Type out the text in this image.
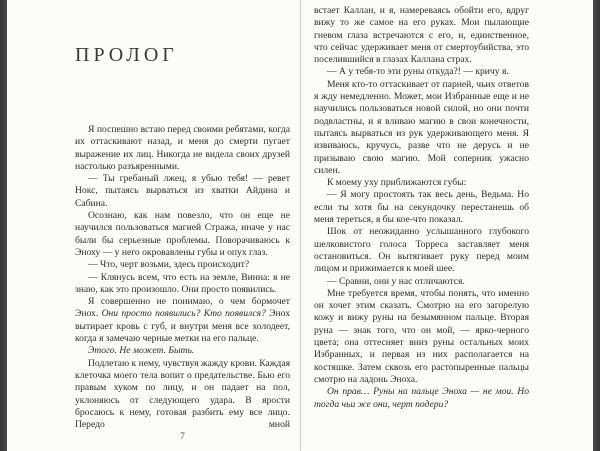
ПРОЛОГ

Я поспешно встаю перед своими ребятами, когда их оттаскивают назад, и меня до смерти пугает выражение их лиц. Никогда не видела своих друзей настолько разъяренными.

— Ты гребаный лжец, я убью тебя! — ревет Нокс, пытаясь вырваться из хватки Айдина и Сабина.

Осознаю, как нам повезло, что он еще не научился пользоваться магией Стража, иначе у нас были бы серьезные проблемы. Поворачиваюсь к Эноху — у него окровавлены губы и опух глаз.

— Что, черт возьми, здесь происходит?

— Клянусь всем, что есть на земле, Винна: я не знаю, как это произошло. Они просто появились.

Я совершенно не понимаю, о чем бормочет Энох. Они просто появились? Кто появился? Энох вытирает кровь с губ, и внутри меня все холодеет, когда я замечаю черные метки на его пальце.

Этого. Не может. Быть.

Подлетаю к нему, чувствуя жажду крови. Каждая клеточка моего тела вопит о предательстве. Бью его правым хуком по лицу, и он падает на пол, уклоняюсь от следующего удара. В ярости бросаюсь к нему, готовая разбить ему все лицо. Передо мной

7

встает Каллан, и я, намереваясь обойти его, вдруг вижу то же самое на его руках. Мои пылающие гневом глаза встречаются с его, и, единственное, что сейчас удерживает меня от смертоубийства, это поселившийся в глазах Каллана страх.

— А у тебя-то эти руны откуда?! — кричу я.

Меня кто-то оттаскивает от парней, чьих ответов я жду немедленно. Может, мои Избранные еще и не научились пользоваться новой силой, но они почти подвластны, и я вливаю магию в свои конечности, пытаясь вырваться из рук удерживающего меня. Я извиваюсь, кручусь, разве что не дерусь и не призываю свою магию. Мой соперник ужасно силен.

К моему уху приближаются губы:

— Я могу простоять так весь день, Ведьма. Но если ты хотя бы на секундочку перестанешь об меня тереться, я бы кое-что показал.

Шок от неожиданно услышанного глубокого шелковистого голоса Торреса заставляет меня остановиться. Он вытягивает руку перед моим лицом и прижимается к моей шее.

— Сравни, они у нас отличаются.

Мне требуется время, чтобы понять, что именно он хочет этим сказать. Смотрю на его загорелую кожу и вижу руны на безымянном пальце. Вторая руна — знак того, что он мой, — ярко-черного цвета; она оттесняет вниз руны остальных моих Избранных, и первая из них располагается на костяшке. Затем сквозь его растопыренные пальцы смотрю на ладонь Эноха.

Он прав… Руны на пальце Эноха — не мои. Но тогда чьи же они, черт подери?
